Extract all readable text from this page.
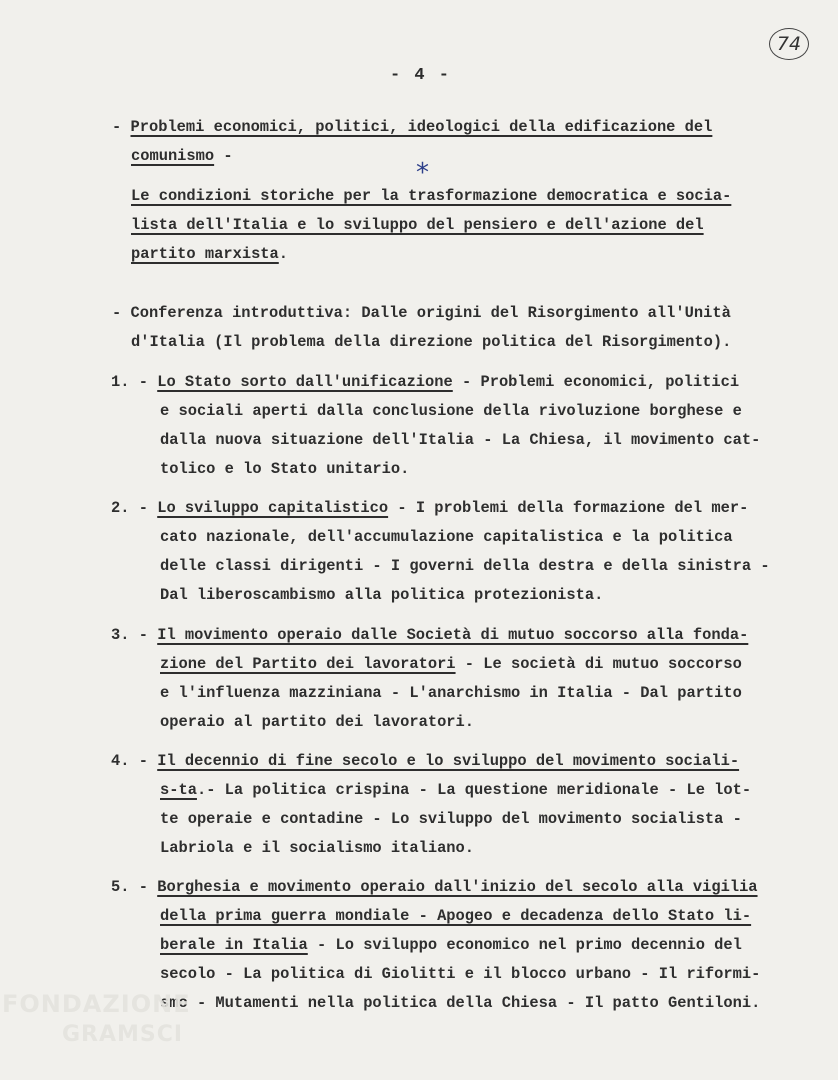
74
- 4 -
*
- Problemi economici, politici, ideologici della edificazione del
comunismo -
Le condizioni storiche per la trasformazione democratica e socia-
lista dell'Italia e lo sviluppo del pensiero e dell'azione del
partito marxista.
- Conferenza introduttiva: Dalle origini del Risorgimento all'Unità
d'Italia (Il problema della direzione politica del Risorgimento).
1. - Lo Stato sorto dall'unificazione - Problemi economici, politici
e sociali aperti dalla conclusione della rivoluzione borghese e
dalla nuova situazione dell'Italia - La Chiesa, il movimento cat-
tolico e lo Stato unitario.
2. - Lo sviluppo capitalistico - I problemi della formazione del mer-
cato nazionale, dell'accumulazione capitalistica e la politica
delle classi dirigenti - I governi della destra e della sinistra -
Dal liberoscambismo alla politica protezionista.
3. - Il movimento operaio dalle Società di mutuo soccorso alla fonda-
zione del Partito dei lavoratori - Le società di mutuo soccorso
e l'influenza mazziniana - L'anarchismo in Italia - Dal partito
operaio al partito dei lavoratori.
4. - Il decennio di fine secolo e lo sviluppo del movimento sociali-
s-ta.- La politica crispina - La questione meridionale - Le lot-
te operaie e contadine - Lo sviluppo del movimento socialista -
Labriola e il socialismo italiano.
5. - Borghesia e movimento operaio dall'inizio del secolo alla vigilia
della prima guerra mondiale - Apogeo e decadenza dello Stato li-
berale in Italia - Lo sviluppo economico nel primo decennio del
secolo - La politica di Giolitti e il blocco urbano - Il riformi-
smo - Mutamenti nella politica della Chiesa - Il patto Gentiloni.
FONDAZIONE
GRAMSCI
